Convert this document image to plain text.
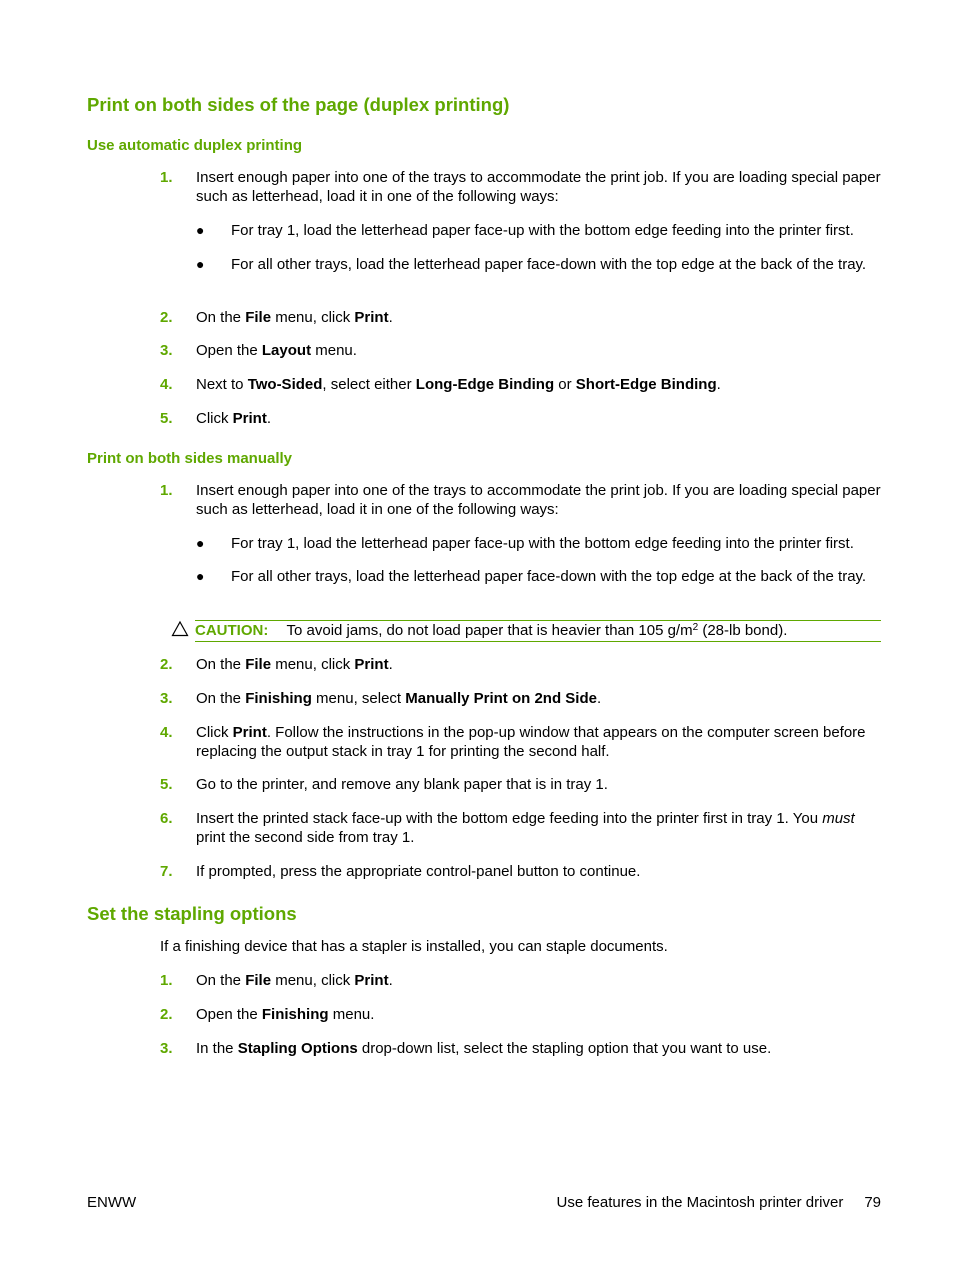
Print on both sides of the page (duplex printing)
Use automatic duplex printing
1.	Insert enough paper into one of the trays to accommodate the print job. If you are loading special paper such as letterhead, load it in one of the following ways:
● For tray 1, load the letterhead paper face-up with the bottom edge feeding into the printer first.
● For all other trays, load the letterhead paper face-down with the top edge at the back of the tray.
2.	On the File menu, click Print.
3.	Open the Layout menu.
4.	Next to Two-Sided, select either Long-Edge Binding or Short-Edge Binding.
5.	Click Print.
Print on both sides manually
1.	Insert enough paper into one of the trays to accommodate the print job. If you are loading special paper such as letterhead, load it in one of the following ways:
● For tray 1, load the letterhead paper face-up with the bottom edge feeding into the printer first.
● For all other trays, load the letterhead paper face-down with the top edge at the back of the tray.
CAUTION: To avoid jams, do not load paper that is heavier than 105 $g/m^2$ (28-lb bond).
2.	On the File menu, click Print.
3.	On the Finishing menu, select Manually Print on 2nd Side.
4.	Click Print. Follow the instructions in the pop-up window that appears on the computer screen before replacing the output stack in tray 1 for printing the second half.
5.	Go to the printer, and remove any blank paper that is in tray 1.
6.	Insert the printed stack face-up with the bottom edge feeding into the printer first in tray 1. You must print the second side from tray 1.
7.	If prompted, press the appropriate control-panel button to continue.
Set the stapling options
If a finishing device that has a stapler is installed, you can staple documents.
1.	On the File menu, click Print.
2.	Open the Finishing menu.
3.	In the Stapling Options drop-down list, select the stapling option that you want to use.
ENWW	Use features in the Macintosh printer driver 79
